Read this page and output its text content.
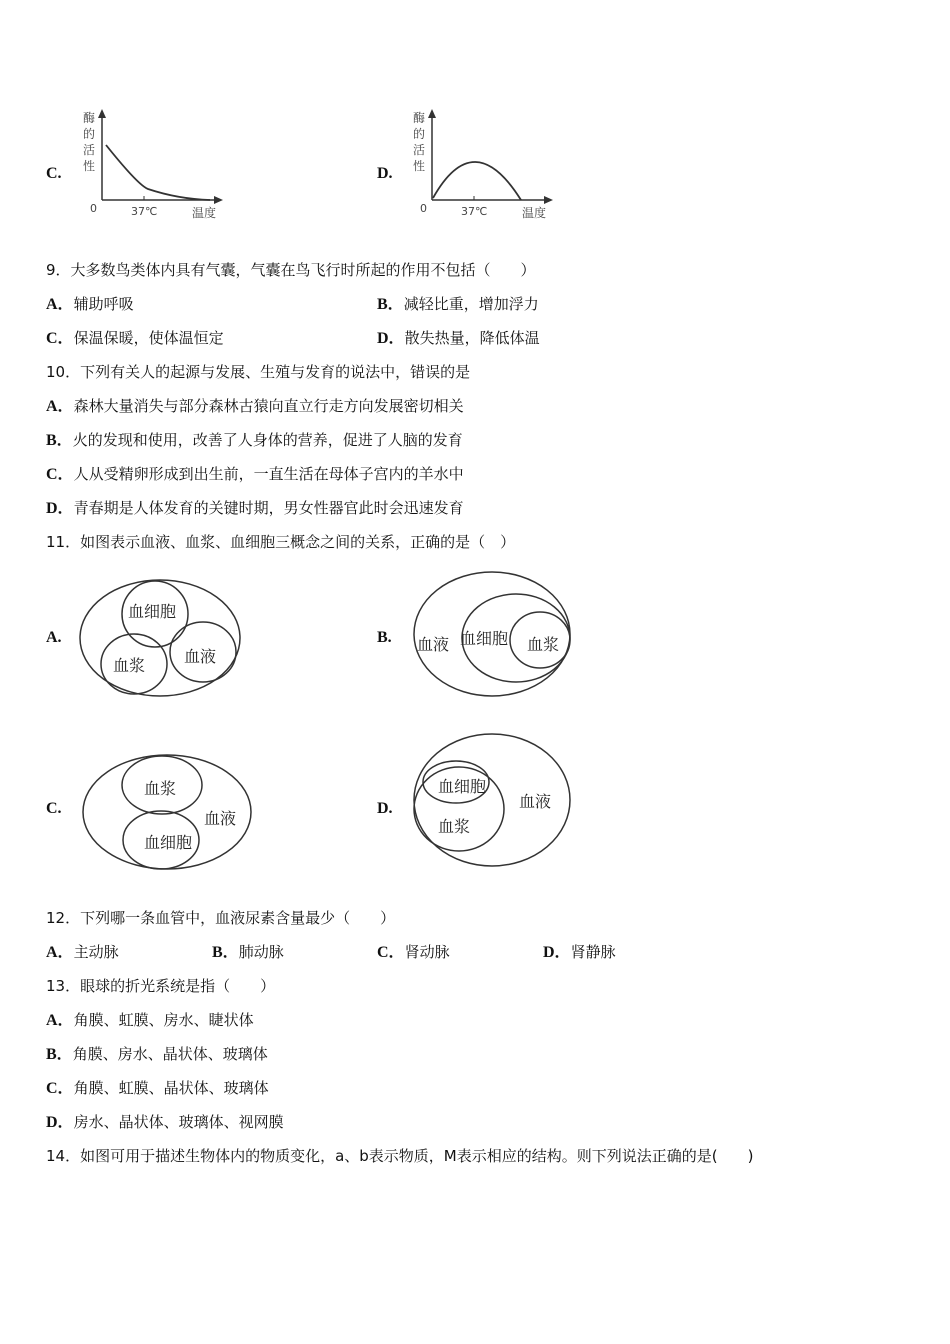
C.
酶
的
活
性
0	37℃	温度
D.
酶
的
活
性
0	37℃	温度
9．大多数鸟类体内具有气囊，气囊在鸟飞行时所起的作用不包括（　　）
A．辅助呼吸	B．减轻比重，增加浮力
C．保温保暖，使体温恒定	D．散失热量，降低体温
10．下列有关人的起源与发展、生殖与发育的说法中，错误的是
A．森林大量消失与部分森林古猿向直立行走方向发展密切相关
B．火的发现和使用，改善了人身体的营养，促进了人脑的发育
C．人从受精卵形成到出生前，一直生活在母体子宫内的羊水中
D．青春期是人体发育的关键时期，男女性器官此时会迅速发育
11．如图表示血液、血浆、血细胞三概念之间的关系，正确的是（　）
A.
血细胞
血浆 血液
B. 血液 血细胞 血浆
C.
血浆
血液
血细胞
D.
血细胞
血液
血浆
12．下列哪一条血管中，血液尿素含量最少（　　）
A．主动脉	B．肺动脉	C．肾动脉	D．肾静脉
13．眼球的折光系统是指（　　）
A．角膜、虹膜、房水、睫状体
B．角膜、房水、晶状体、玻璃体
C．角膜、虹膜、晶状体、玻璃体
D．房水、晶状体、玻璃体、视网膜
14．如图可用于描述生物体内的物质变化，a、b表示物质，M表示相应的结构。则下列说法正确的是(　　)
